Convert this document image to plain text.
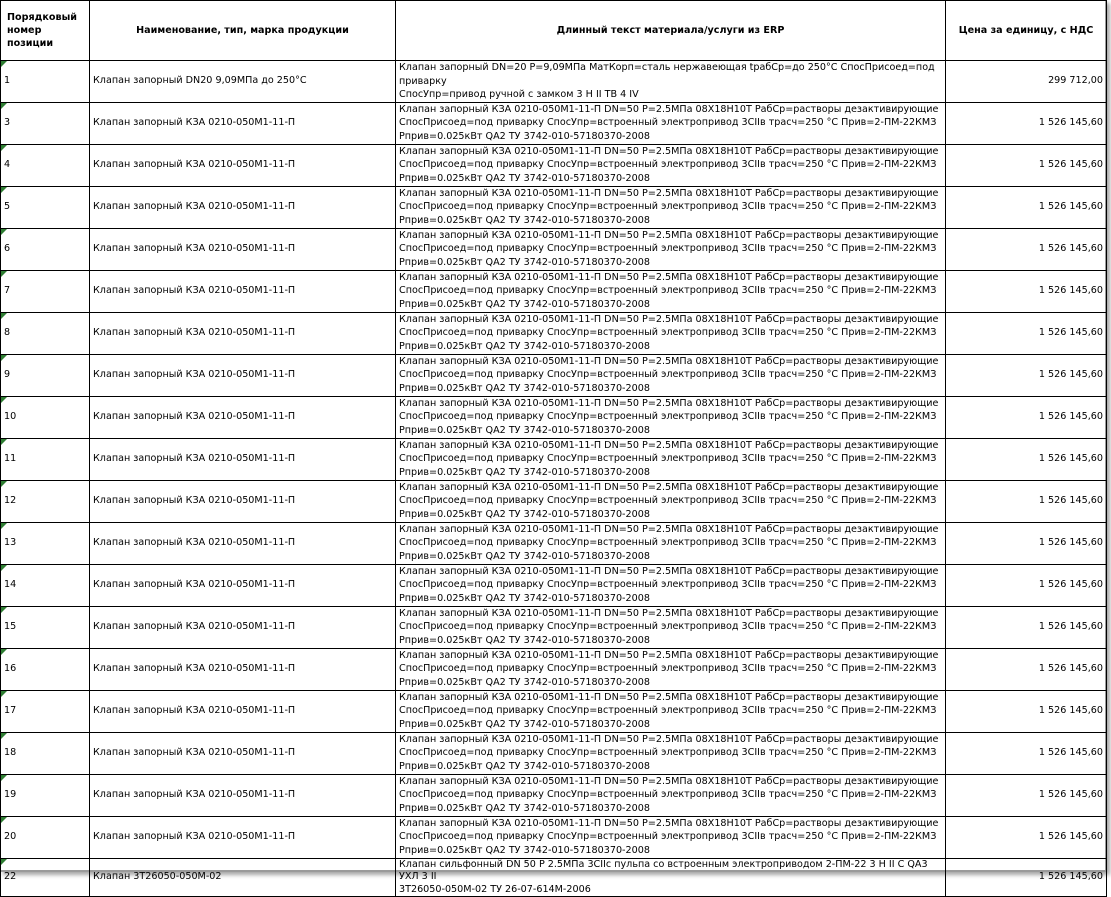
Порядковый номер позиции	Наименование, тип, марка продукции	Длинный текст материала/услуги из ERP	Цена за единицу, с НДС
1	Клапан запорный DN20 9,09МПа до 250°С	Клапан запорный DN=20 Р=9,09МПа МатКорп=сталь нержавеющая tрабСр=до 250°С СпосПрисоед=под приварку
СпосУпр=привод ручной с замком 3 Н II ТВ 4 IV	299 712,00
3	Клапан запорный КЗА 0210-050М1-11-П	Клапан запорный КЗА 0210-050М1-11-П DN=50 P=2.5МПа 08Х18Н10Т РабСр=растворы дезактивирующие
СпосПрисоед=под приварку СпосУпр=встроенный электропривод 3СIIв трасч=250 °С Прив=2-ПМ-22КМЗ
Рприв=0.025кВт QA2 ТУ 3742-010-57180370-2008	1 526 145,60
4	Клапан запорный КЗА 0210-050М1-11-П	Клапан запорный КЗА 0210-050М1-11-П DN=50 P=2.5МПа 08Х18Н10Т РабСр=растворы дезактивирующие
СпосПрисоед=под приварку СпосУпр=встроенный электропривод 3СIIв трасч=250 °С Прив=2-ПМ-22КМЗ
Рприв=0.025кВт QA2 ТУ 3742-010-57180370-2008	1 526 145,60
5	Клапан запорный КЗА 0210-050М1-11-П	Клапан запорный КЗА 0210-050М1-11-П DN=50 P=2.5МПа 08Х18Н10Т РабСр=растворы дезактивирующие
СпосПрисоед=под приварку СпосУпр=встроенный электропривод 3СIIв трасч=250 °С Прив=2-ПМ-22КМЗ
Рприв=0.025кВт QA2 ТУ 3742-010-57180370-2008	1 526 145,60
6	Клапан запорный КЗА 0210-050М1-11-П	Клапан запорный КЗА 0210-050М1-11-П DN=50 P=2.5МПа 08Х18Н10Т РабСр=растворы дезактивирующие
СпосПрисоед=под приварку СпосУпр=встроенный электропривод 3СIIв трасч=250 °С Прив=2-ПМ-22КМЗ
Рприв=0.025кВт QA2 ТУ 3742-010-57180370-2008	1 526 145,60
7	Клапан запорный КЗА 0210-050М1-11-П	Клапан запорный КЗА 0210-050М1-11-П DN=50 P=2.5МПа 08Х18Н10Т РабСр=растворы дезактивирующие
СпосПрисоед=под приварку СпосУпр=встроенный электропривод 3СIIв трасч=250 °С Прив=2-ПМ-22КМЗ
Рприв=0.025кВт QA2 ТУ 3742-010-57180370-2008	1 526 145,60
8	Клапан запорный КЗА 0210-050М1-11-П	Клапан запорный КЗА 0210-050М1-11-П DN=50 P=2.5МПа 08Х18Н10Т РабСр=растворы дезактивирующие
СпосПрисоед=под приварку СпосУпр=встроенный электропривод 3СIIв трасч=250 °С Прив=2-ПМ-22КМЗ
Рприв=0.025кВт QA2 ТУ 3742-010-57180370-2008	1 526 145,60
9	Клапан запорный КЗА 0210-050М1-11-П	Клапан запорный КЗА 0210-050М1-11-П DN=50 P=2.5МПа 08Х18Н10Т РабСр=растворы дезактивирующие
СпосПрисоед=под приварку СпосУпр=встроенный электропривод 3СIIв трасч=250 °С Прив=2-ПМ-22КМЗ
Рприв=0.025кВт QA2 ТУ 3742-010-57180370-2008	1 526 145,60
10	Клапан запорный КЗА 0210-050М1-11-П	Клапан запорный КЗА 0210-050М1-11-П DN=50 P=2.5МПа 08Х18Н10Т РабСр=растворы дезактивирующие
СпосПрисоед=под приварку СпосУпр=встроенный электропривод 3СIIв трасч=250 °С Прив=2-ПМ-22КМЗ
Рприв=0.025кВт QA2 ТУ 3742-010-57180370-2008	1 526 145,60
11	Клапан запорный КЗА 0210-050М1-11-П	Клапан запорный КЗА 0210-050М1-11-П DN=50 P=2.5МПа 08Х18Н10Т РабСр=растворы дезактивирующие
СпосПрисоед=под приварку СпосУпр=встроенный электропривод 3СIIв трасч=250 °С Прив=2-ПМ-22КМЗ
Рприв=0.025кВт QA2 ТУ 3742-010-57180370-2008	1 526 145,60
12	Клапан запорный КЗА 0210-050М1-11-П	Клапан запорный КЗА 0210-050М1-11-П DN=50 P=2.5МПа 08Х18Н10Т РабСр=растворы дезактивирующие
СпосПрисоед=под приварку СпосУпр=встроенный электропривод 3СIIв трасч=250 °С Прив=2-ПМ-22КМЗ
Рприв=0.025кВт QA2 ТУ 3742-010-57180370-2008	1 526 145,60
13	Клапан запорный КЗА 0210-050М1-11-П	Клапан запорный КЗА 0210-050М1-11-П DN=50 P=2.5МПа 08Х18Н10Т РабСр=растворы дезактивирующие
СпосПрисоед=под приварку СпосУпр=встроенный электропривод 3СIIв трасч=250 °С Прив=2-ПМ-22КМЗ
Рприв=0.025кВт QA2 ТУ 3742-010-57180370-2008	1 526 145,60
14	Клапан запорный КЗА 0210-050М1-11-П	Клапан запорный КЗА 0210-050М1-11-П DN=50 P=2.5МПа 08Х18Н10Т РабСр=растворы дезактивирующие
СпосПрисоед=под приварку СпосУпр=встроенный электропривод 3СIIв трасч=250 °С Прив=2-ПМ-22КМЗ
Рприв=0.025кВт QA2 ТУ 3742-010-57180370-2008	1 526 145,60
15	Клапан запорный КЗА 0210-050М1-11-П	Клапан запорный КЗА 0210-050М1-11-П DN=50 P=2.5МПа 08Х18Н10Т РабСр=растворы дезактивирующие
СпосПрисоед=под приварку СпосУпр=встроенный электропривод 3СIIв трасч=250 °С Прив=2-ПМ-22КМЗ
Рприв=0.025кВт QA2 ТУ 3742-010-57180370-2008	1 526 145,60
16	Клапан запорный КЗА 0210-050М1-11-П	Клапан запорный КЗА 0210-050М1-11-П DN=50 P=2.5МПа 08Х18Н10Т РабСр=растворы дезактивирующие
СпосПрисоед=под приварку СпосУпр=встроенный электропривод 3СIIв трасч=250 °С Прив=2-ПМ-22КМЗ
Рприв=0.025кВт QA2 ТУ 3742-010-57180370-2008	1 526 145,60
17	Клапан запорный КЗА 0210-050М1-11-П	Клапан запорный КЗА 0210-050М1-11-П DN=50 P=2.5МПа 08Х18Н10Т РабСр=растворы дезактивирующие
СпосПрисоед=под приварку СпосУпр=встроенный электропривод 3СIIв трасч=250 °С Прив=2-ПМ-22КМЗ
Рприв=0.025кВт QA2 ТУ 3742-010-57180370-2008	1 526 145,60
18	Клапан запорный КЗА 0210-050М1-11-П	Клапан запорный КЗА 0210-050М1-11-П DN=50 P=2.5МПа 08Х18Н10Т РабСр=растворы дезактивирующие
СпосПрисоед=под приварку СпосУпр=встроенный электропривод 3СIIв трасч=250 °С Прив=2-ПМ-22КМЗ
Рприв=0.025кВт QA2 ТУ 3742-010-57180370-2008	1 526 145,60
19	Клапан запорный КЗА 0210-050М1-11-П	Клапан запорный КЗА 0210-050М1-11-П DN=50 P=2.5МПа 08Х18Н10Т РабСр=растворы дезактивирующие
СпосПрисоед=под приварку СпосУпр=встроенный электропривод 3СIIв трасч=250 °С Прив=2-ПМ-22КМЗ
Рприв=0.025кВт QA2 ТУ 3742-010-57180370-2008	1 526 145,60
20	Клапан запорный КЗА 0210-050М1-11-П	Клапан запорный КЗА 0210-050М1-11-П DN=50 P=2.5МПа 08Х18Н10Т РабСр=растворы дезактивирующие
СпосПрисоед=под приварку СпосУпр=встроенный электропривод 3СIIв трасч=250 °С Прив=2-ПМ-22КМЗ
Рприв=0.025кВт QA2 ТУ 3742-010-57180370-2008	1 526 145,60
22	Клапан 3Т26050-050М-02	Клапан сильфонный DN 50 Р 2.5МПа 3СIIс пульпа со встроенным электроприводом 2-ПМ-22 3 Н II С QA3 УХЛ 3 II
3Т26050-050М-02 ТУ 26-07-614М-2006	1 526 145,60
